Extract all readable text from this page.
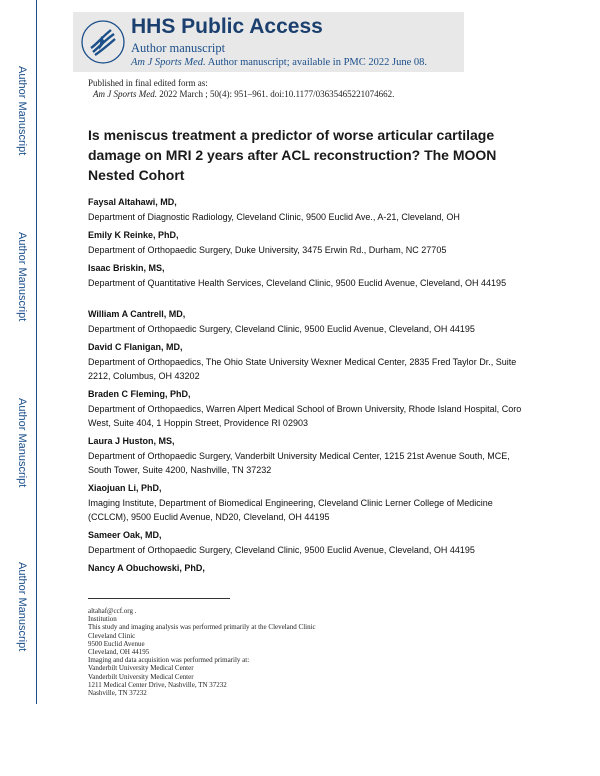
Author Manuscript
Author Manuscript
Author Manuscript
Author Manuscript
HHS Public Access
Author manuscript
Am J Sports Med. Author manuscript; available in PMC 2022 June 08.
Published in final edited form as:
Am J Sports Med. 2022 March ; 50(4): 951–961. doi:10.1177/03635465221074662.
Is meniscus treatment a predictor of worse articular cartilage damage on MRI 2 years after ACL reconstruction? The MOON Nested Cohort
Faysal Altahawi, MD,
Department of Diagnostic Radiology, Cleveland Clinic, 9500 Euclid Ave., A-21, Cleveland, OH
Emily K Reinke, PhD,
Department of Orthopaedic Surgery, Duke University, 3475 Erwin Rd., Durham, NC 27705
Isaac Briskin, MS,
Department of Quantitative Health Services, Cleveland Clinic, 9500 Euclid Avenue, Cleveland, OH 44195
William A Cantrell, MD,
Department of Orthopaedic Surgery, Cleveland Clinic, 9500 Euclid Avenue, Cleveland, OH 44195
David C Flanigan, MD,
Department of Orthopaedics, The Ohio State University Wexner Medical Center, 2835 Fred Taylor Dr., Suite 2212, Columbus, OH 43202
Braden C Fleming, PhD,
Department of Orthopaedics, Warren Alpert Medical School of Brown University, Rhode Island Hospital, Coro West, Suite 404, 1 Hoppin Street, Providence RI 02903
Laura J Huston, MS,
Department of Orthopaedic Surgery, Vanderbilt University Medical Center, 1215 21st Avenue South, MCE, South Tower, Suite 4200, Nashville, TN 37232
Xiaojuan Li, PhD,
Imaging Institute, Department of Biomedical Engineering, Cleveland Clinic Lerner College of Medicine (CCLCM), 9500 Euclid Avenue, ND20, Cleveland, OH 44195
Sameer Oak, MD,
Department of Orthopaedic Surgery, Cleveland Clinic, 9500 Euclid Avenue, Cleveland, OH 44195
Nancy A Obuchowski, PhD,
altahaf@ccf.org .
Institution
This study and imaging analysis was performed primarily at the Cleveland Clinic
Cleveland Clinic
9500 Euclid Avenue
Cleveland, OH 44195
Imaging and data acquisition was performed primarily at:
Vanderbilt University Medical Center
Vanderbilt University Medical Center
1211 Medical Center Drive, Nashville, TN 37232
Nashville, TN 37232
